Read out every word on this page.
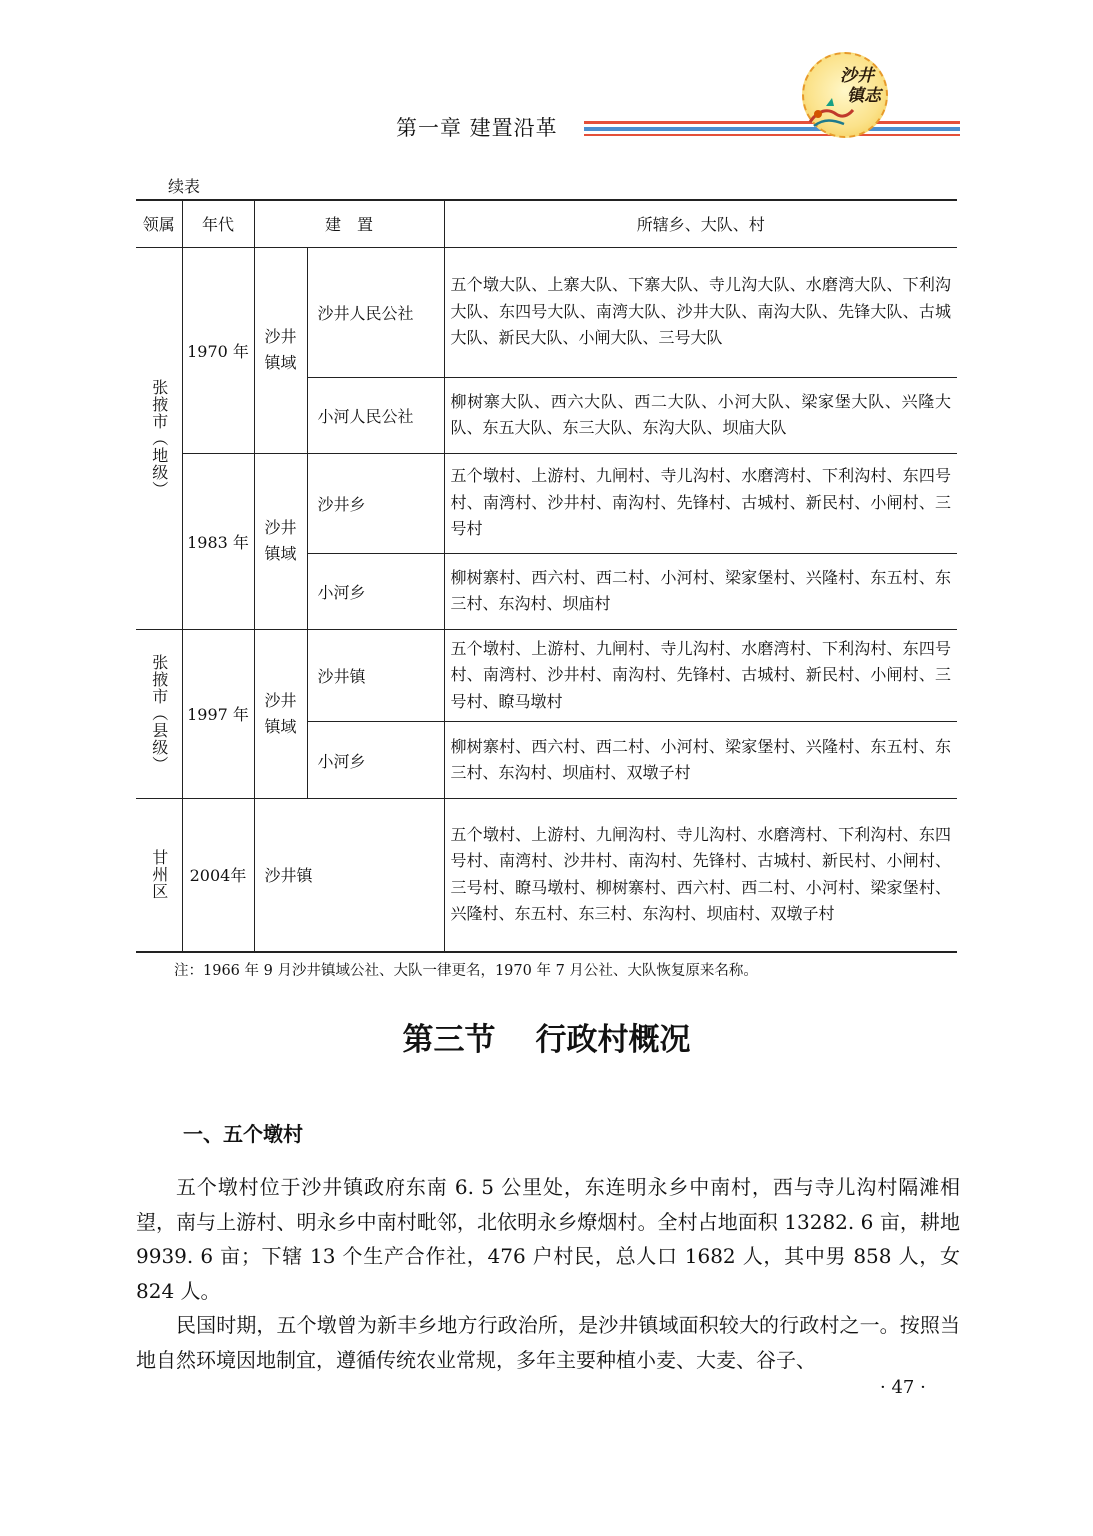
第一章 建置沿革
沙井
镇志
续表
领属	年代	建　置		所辖乡、大队、村

张掖市（地级）	1970 年	沙井镇域	沙井人民公社	五个墩大队、上寨大队、下寨大队、寺儿沟大队、水磨湾大队、下利沟大队、东四号大队、南湾大队、沙井大队、南沟大队、先锋大队、古城大队、新民大队、小闸大队、三号大队
			小河人民公社	柳树寨大队、西六大队、西二大队、小河大队、梁家堡大队、兴隆大队、东五大队、东三大队、东沟大队、坝庙大队
	1983 年	沙井镇域	沙井乡	五个墩村、上游村、九闸村、寺儿沟村、水磨湾村、下利沟村、东四号村、南湾村、沙井村、南沟村、先锋村、古城村、新民村、小闸村、三号村
			小河乡	柳树寨村、西六村、西二村、小河村、梁家堡村、兴隆村、东五村、东三村、东沟村、坝庙村

张掖市（县级）	1997 年	沙井镇域	沙井镇	五个墩村、上游村、九闸村、寺儿沟村、水磨湾村、下利沟村、东四号村、南湾村、沙井村、南沟村、先锋村、古城村、新民村、小闸村、三号村、瞭马墩村
			小河乡	柳树寨村、西六村、西二村、小河村、梁家堡村、兴隆村、东五村、东三村、东沟村、坝庙村、双墩子村

甘州区	2004年	沙井镇		五个墩村、上游村、九闸沟村、寺儿沟村、水磨湾村、下利沟村、东四号村、南湾村、沙井村、南沟村、先锋村、古城村、新民村、小闸村、三号村、瞭马墩村、柳树寨村、西六村、西二村、小河村、梁家堡村、兴隆村、东五村、东三村、东沟村、坝庙村、双墩子村
注：1966 年 9 月沙井镇域公社、大队一律更名，1970 年 7 月公社、大队恢复原来名称。
第三节 行政村概况
一、五个墩村

五个墩村位于沙井镇政府东南 6. 5 公里处，东连明永乡中南村，西与寺儿沟村隔滩相望，南与上游村、明永乡中南村毗邻，北依明永乡燎烟村。全村占地面积 13282. 6 亩，耕地 9939. 6 亩；下辖 13 个生产合作社，476 户村民，总人口 1682 人，其中男 858 人，女 824 人。

民国时期，五个墩曾为新丰乡地方行政治所，是沙井镇域面积较大的行政村之一。按照当地自然环境因地制宜，遵循传统农业常规，多年主要种植小麦、大麦、谷子、

· 47 ·
